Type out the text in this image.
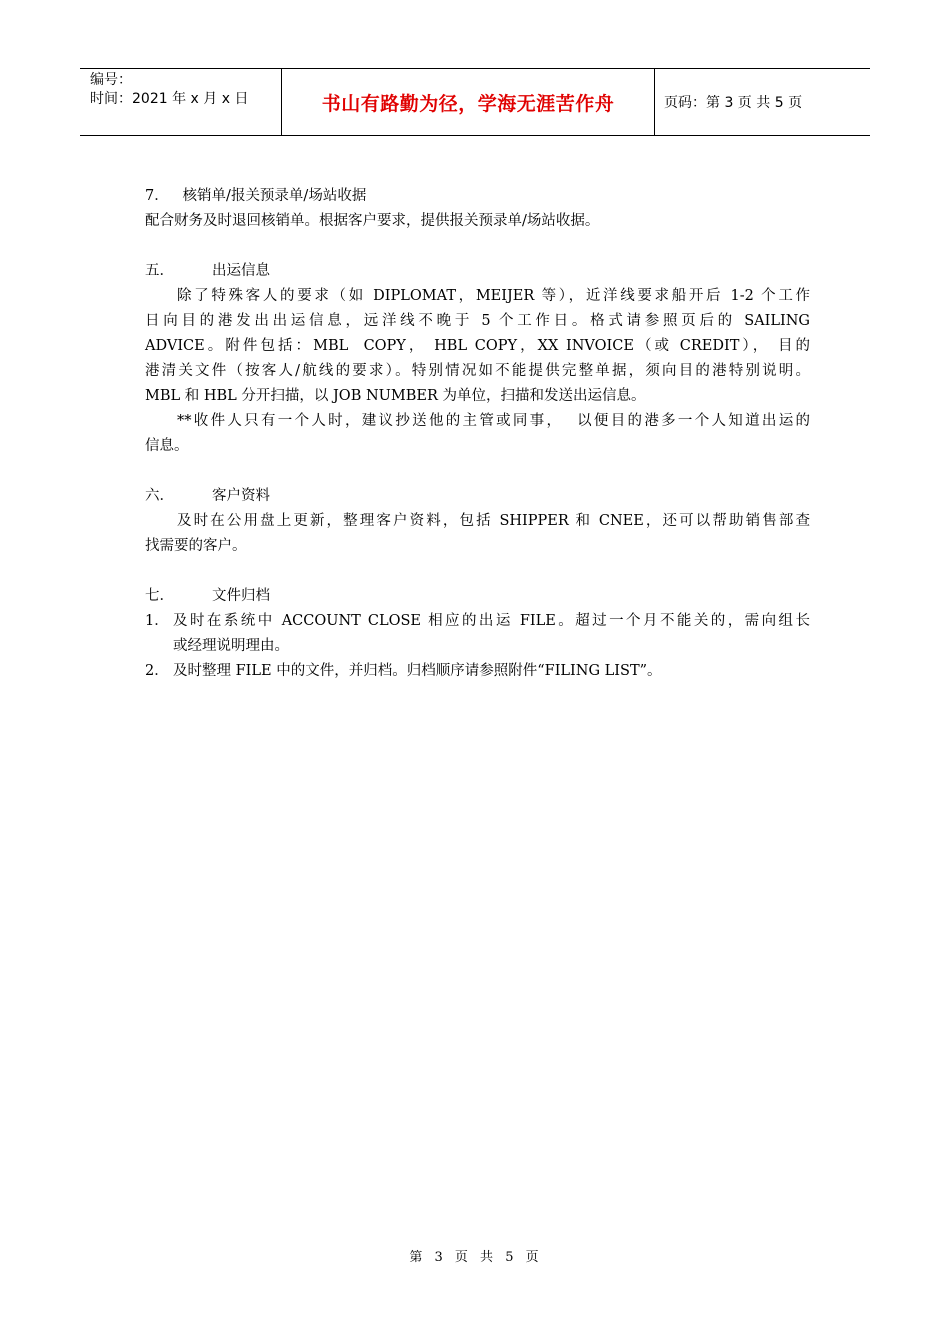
编号：
时间：2021 年 x 月 x 日	书山有路勤为径，学海无涯苦作舟	页码：第 3 页 共 5 页

7．   核销单/报关预录单/场站收据

配合财务及时退回核销单。根据客户要求，提供报关预录单/场站收据。

五．	出运信息

除了特殊客人的要求（如 DIPLOMAT，MEIJER 等），近洋线要求船开后 1-2 个工作

日向目的港发出出运信息，远洋线不晚于 5 个工作日。格式请参照页后的 SAILING

ADVICE。附件包括：MBL  COPY， HBL COPY，XX INVOICE（或 CREDIT）， 目的

港清关文件（按客人/航线的要求）。特别情况如不能提供完整单据，须向目的港特别说明。

MBL 和 HBL 分开扫描，以 JOB NUMBER 为单位，扫描和发送出运信息。

**收件人只有一个人时，建议抄送他的主管或同事，  以便目的港多一个人知道出运的

信息。

六．	客户资料

及时在公用盘上更新，整理客户资料，包括 SHIPPER 和 CNEE，还可以帮助销售部查

找需要的客户。

七．	文件归档
1． 及时在系统中 ACCOUNT CLOSE 相应的出运 FILE。超过一个月不能关的，需向组长

或经理说明理由。

2． 及时整理 FILE 中的文件，并归档。归档顺序请参照附件“FILING LIST”。

第 3 页 共 5 页
